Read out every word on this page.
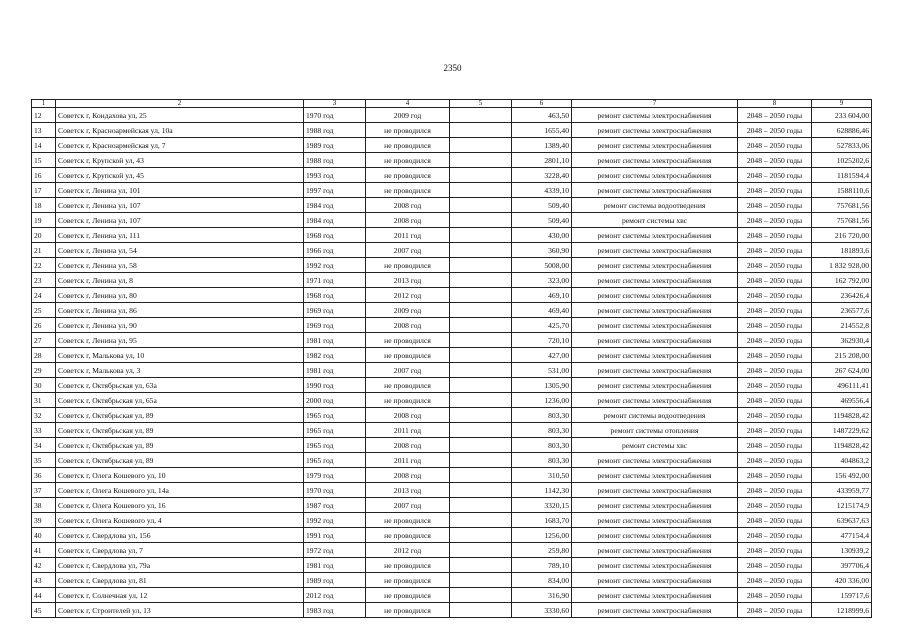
2350
1	2	3	4	5	6	7	8	9
12	Советск г, Кондахова ул, 25	1970 год	2009 год		463,50	ремонт системы электроснабжения	2048 – 2050 годы	233 604,00
13	Советск г, Красноармейская ул, 10а	1988 год	не проводился		1655,40	ремонт системы электроснабжения	2048 – 2050 годы	628886,46
14	Советск г, Красноармейская ул, 7	1989 год	не проводился		1389,40	ремонт системы электроснабжения	2048 – 2050 годы	527833,06
15	Советск г, Крупской ул, 43	1988 год	не проводился		2801,10	ремонт системы электроснабжения	2048 – 2050 годы	1025202,6
16	Советск г, Крупской ул, 45	1993 год	не проводился		3228,40	ремонт системы электроснабжения	2048 – 2050 годы	1181594,4
17	Советск г, Ленина ул, 101	1997 год	не проводился		4339,10	ремонт системы электроснабжения	2048 – 2050 годы	1588110,6
18	Советск г, Ленина ул, 107	1984 год	2008 год		509,40	ремонт системы водоотведения	2048 – 2050 годы	757681,56
19	Советск г, Ленина ул, 107	1984 год	2008 год		509,40	ремонт системы хвс	2048 – 2050 годы	757681,56
20	Советск г, Ленина ул, 111	1968 год	2011 год		430,00	ремонт системы электроснабжения	2048 – 2050 годы	216 720,00
21	Советск г, Ленина ул, 54	1966 год	2007 год		360,90	ремонт системы электроснабжения	2048 – 2050 годы	181893,6
22	Советск г, Ленина ул, 58	1992 год	не проводился		5008,00	ремонт системы электроснабжения	2048 – 2050 годы	1 832 928,00
23	Советск г, Ленина ул, 8	1971 год	2013 год		323,00	ремонт системы электроснабжения	2048 – 2050 годы	162 792,00
24	Советск г, Ленина ул, 80	1968 год	2012 год		469,10	ремонт системы электроснабжения	2048 – 2050 годы	236426,4
25	Советск г, Ленина ул, 86	1969 год	2009 год		469,40	ремонт системы электроснабжения	2048 – 2050 годы	236577,6
26	Советск г, Ленина ул, 90	1969 год	2008 год		425,70	ремонт системы электроснабжения	2048 – 2050 годы	214552,8
27	Советск г, Ленина ул, 95	1981 год	не проводился		720,10	ремонт системы электроснабжения	2048 – 2050 годы	362930,4
28	Советск г, Малькова ул, 10	1982 год	не проводился		427,00	ремонт системы электроснабжения	2048 – 2050 годы	215 208,00
29	Советск г, Малькова ул, 3	1981 год	2007 год		531,00	ремонт системы электроснабжения	2048 – 2050 годы	267 624,00
30	Советск г, Октябрьская ул, 63а	1990 год	не проводился		1305,90	ремонт системы электроснабжения	2048 – 2050 годы	496111,41
31	Советск г, Октябрьская ул, 65а	2000 год	не проводился		1236,00	ремонт системы электроснабжения	2048 – 2050 годы	469556,4
32	Советск г, Октябрьская ул, 89	1965 год	2008 год		803,30	ремонт системы водоотведения	2048 – 2050 годы	1194828,42
33	Советск г, Октябрьская ул, 89	1965 год	2011 год		803,30	ремонт системы отопления	2048 – 2050 годы	1487229,62
34	Советск г, Октябрьская ул, 89	1965 год	2008 год		803,30	ремонт системы хвс	2048 – 2050 годы	1194828,42
35	Советск г, Октябрьская ул, 89	1965 год	2011 год		803,30	ремонт системы электроснабжения	2048 – 2050 годы	404863,2
36	Советск г, Олега Кошевого ул, 10	1979 год	2008 год		310,50	ремонт системы электроснабжения	2048 – 2050 годы	156 492,00
37	Советск г, Олега Кошевого ул, 14а	1970 год	2013 год		1142,30	ремонт системы электроснабжения	2048 – 2050 годы	433959,77
38	Советск г, Олега Кошевого ул, 16	1987 год	2007 год		3320,15	ремонт системы электроснабжения	2048 – 2050 годы	1215174,9
39	Советск г, Олега Кошевого ул, 4	1992 год	не проводился		1683,70	ремонт системы электроснабжения	2048 – 2050 годы	639637,63
40	Советск г, Свердлова ул, 156	1991 год	не проводился		1256,00	ремонт системы электроснабжения	2048 – 2050 годы	477154,4
41	Советск г, Свердлова ул, 7	1972 год	2012 год		259,80	ремонт системы электроснабжения	2048 – 2050 годы	130939,2
42	Советск г, Свердлова ул, 79а	1981 год	не проводился		789,10	ремонт системы электроснабжения	2048 – 2050 годы	397706,4
43	Советск г, Свердлова ул, 81	1989 год	не проводился		834,00	ремонт системы электроснабжения	2048 – 2050 годы	420 336,00
44	Советск г, Солнечная ул, 12	2012 год	не проводился		316,90	ремонт системы электроснабжения	2048 – 2050 годы	159717,6
45	Советск г, Строителей ул, 13	1983 год	не проводился		3330,60	ремонт системы электроснабжения	2048 – 2050 годы	1218999,6
